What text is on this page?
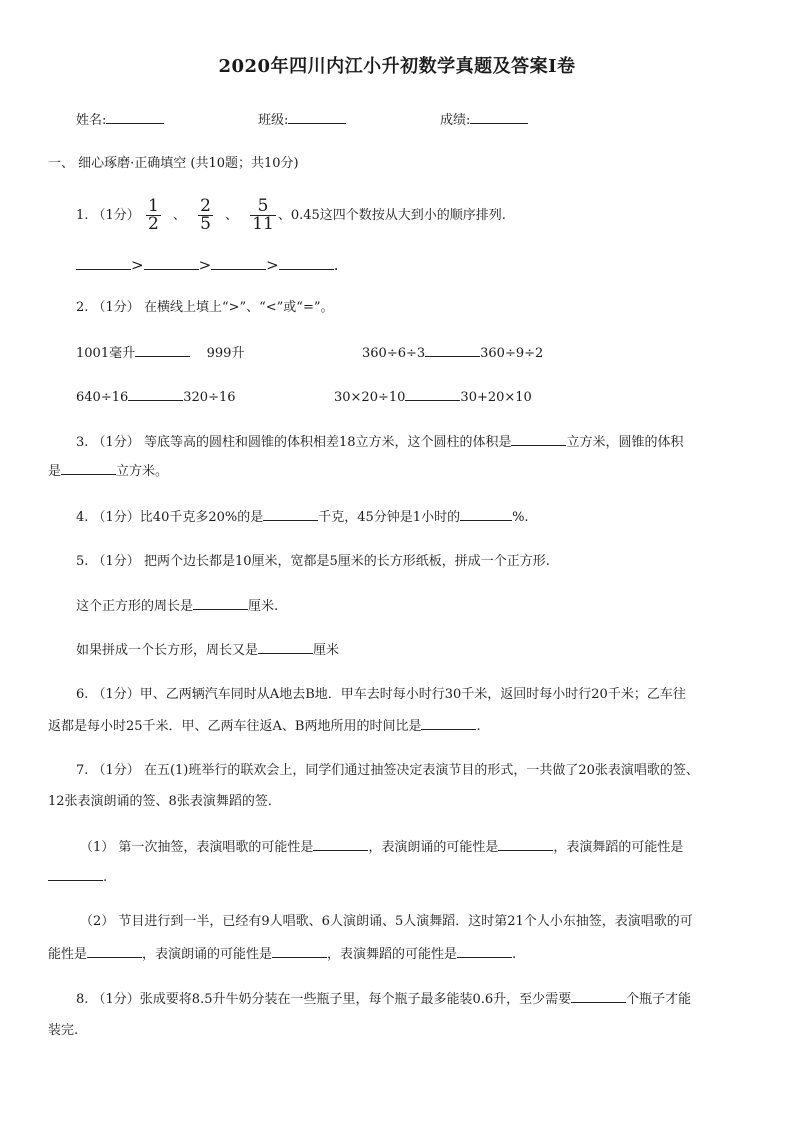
2020年四川内江小升初数学真题及答案Ⅰ卷
姓名:	班级:	成绩:
一、 细心琢磨·正确填空 (共10题；共10分)
1. （1分） $\frac{1}{2}$ 、 $\frac{2}{5}$ 、 $\frac{5}{11}$ 、0.45这四个数按从大到小的顺序排列.
>	>	>	.
2. （1分） 在横线上填上“>”、“<”或“=”。
1001毫升	999升	360÷6÷3	360÷9÷2
640÷16	320÷16	30×20÷10	30+20×10
3. （1分） 等底等高的圆柱和圆锥的体积相差18立方米，这个圆柱的体积是	立方米，圆锥的体积
是	立方米。
4. （1分）比40千克多20%的是	千克，45分钟是1小时的	%.
5. （1分） 把两个边长都是10厘米，宽都是5厘米的长方形纸板，拼成一个正方形.
这个正方形的周长是	厘米.
如果拼成一个长方形，周长又是	厘米
6. （1分）甲、乙两辆汽车同时从A地去B地．甲车去时每小时行30千米，返回时每小时行20千米；乙车往
返都是每小时25千米．甲、乙两车往返A、B两地所用的时间比是	.
7. （1分） 在五(1)班举行的联欢会上，同学们通过抽签决定表演节目的形式，一共做了20张表演唱歌的签、
12张表演朗诵的签、8张表演舞蹈的签．
（1） 第一次抽签，表演唱歌的可能性是	，表演朗诵的可能性是	，表演舞蹈的可能性是
.
（2） 节目进行到一半，已经有9人唱歌、6人演朗诵、5人演舞蹈．这时第21个人小东抽签，表演唱歌的可
能性是	，表演朗诵的可能性是	，表演舞蹈的可能性是	.
8. （1分）张成要将8.5升牛奶分装在一些瓶子里，每个瓶子最多能装0.6升，至少需要	个瓶子才能
装完.
